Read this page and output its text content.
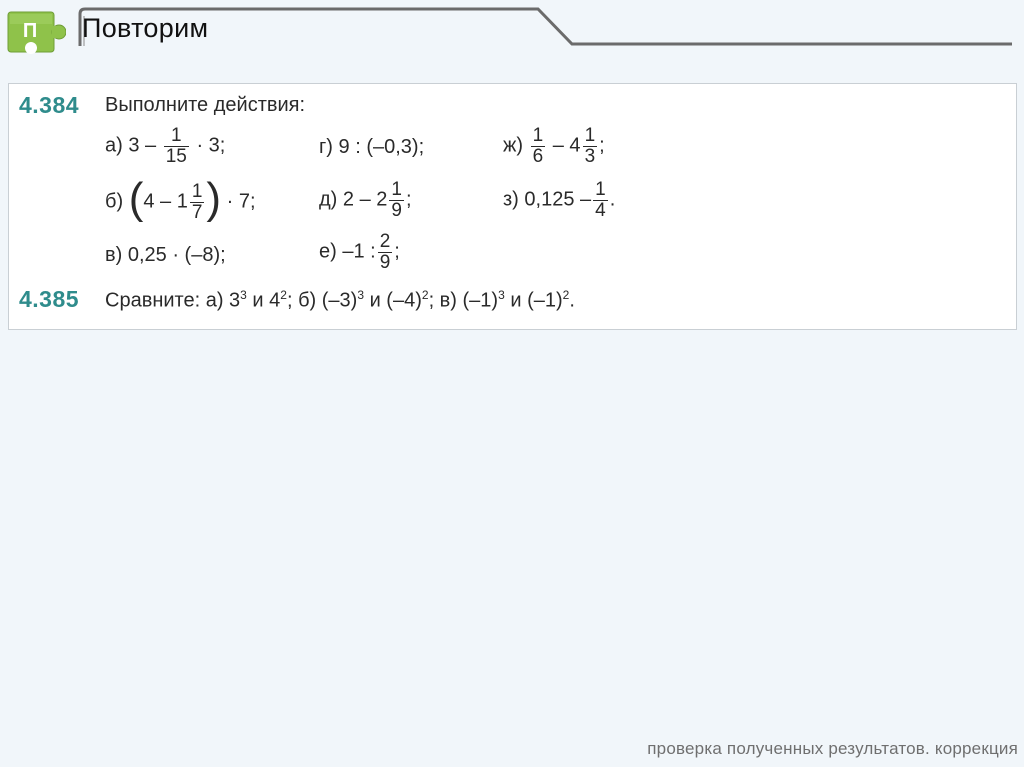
П Повторим
4.384 Выполните действия:
а) $3 - \frac{1}{15} \cdot 3$;
б) ($4 - 1 \frac{1}{7}$ ) · 7;
в) 0,25 · (–8);
г) 9 : (–0,3);
д) $2 - 2 \frac{1}{9}$ ;
е) –1 : $\frac{2}{9}$ ;
$ж) \frac{1}{6} - 4 \frac{1}{3}$ ;
з) $0,125 - \frac{1}{4}$ .
4.385 Сравните: а) $3^3$ и $4^2$; б) $(-3)^3$ и $(-4)^2$; в) $(-1)^3$ и $(-1)^2$.
проверка полученных результатов. коррекция
